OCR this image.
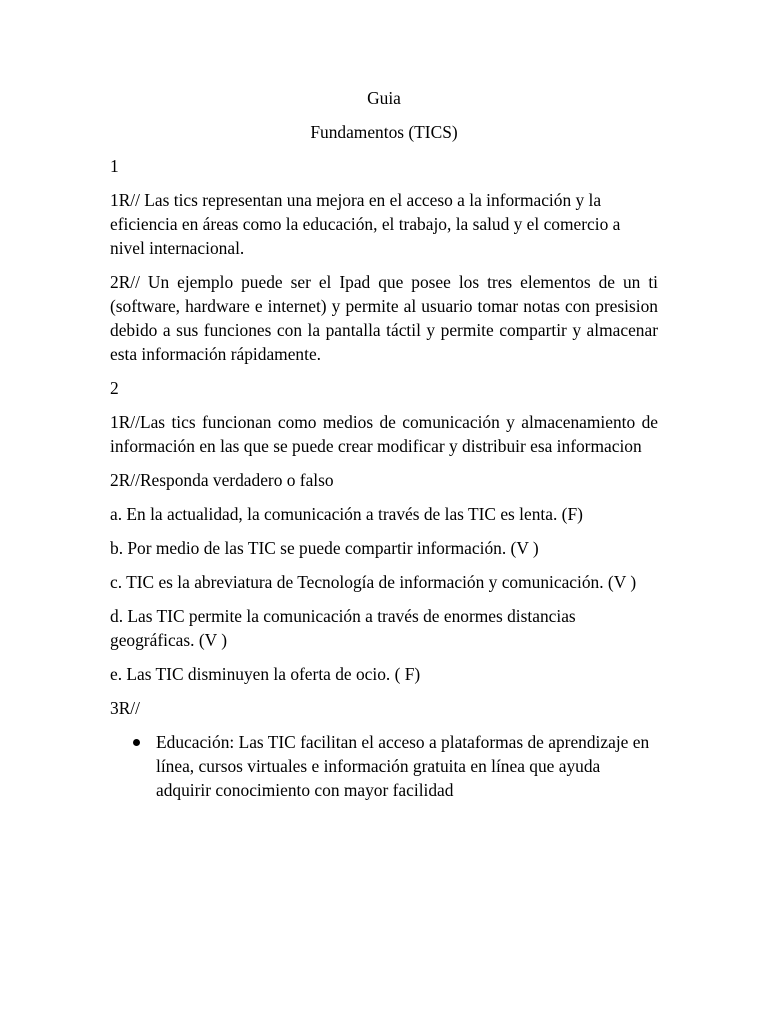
Guia

Fundamentos (TICS)

1

1R// Las tics representan una mejora en el acceso a la información y la eficiencia en áreas como la educación, el trabajo, la salud y el comercio a nivel internacional.

2R// Un ejemplo puede ser el Ipad que posee los tres elementos de un ti (software, hardware e internet) y permite al usuario tomar notas con presision debido a sus funciones con la pantalla táctil y permite compartir y almacenar esta información rápidamente.

2

1R//Las tics funcionan como medios de comunicación y almacenamiento de información en las que se puede crear modificar y distribuir esa informacion

2R//Responda verdadero o falso

a. En la actualidad, la comunicación a través de las TIC es lenta. (F)

b. Por medio de las TIC se puede compartir información. (V )

c. TIC es la abreviatura de Tecnología de información y comunicación. (V )

d. Las TIC permite la comunicación a través de enormes distancias geográficas. (V )

e. Las TIC disminuyen la oferta de ocio. ( F)

3R//

Educación: Las TIC facilitan el acceso a plataformas de aprendizaje en línea, cursos virtuales e información gratuita en línea que ayuda adquirir conocimiento con mayor facilidad
